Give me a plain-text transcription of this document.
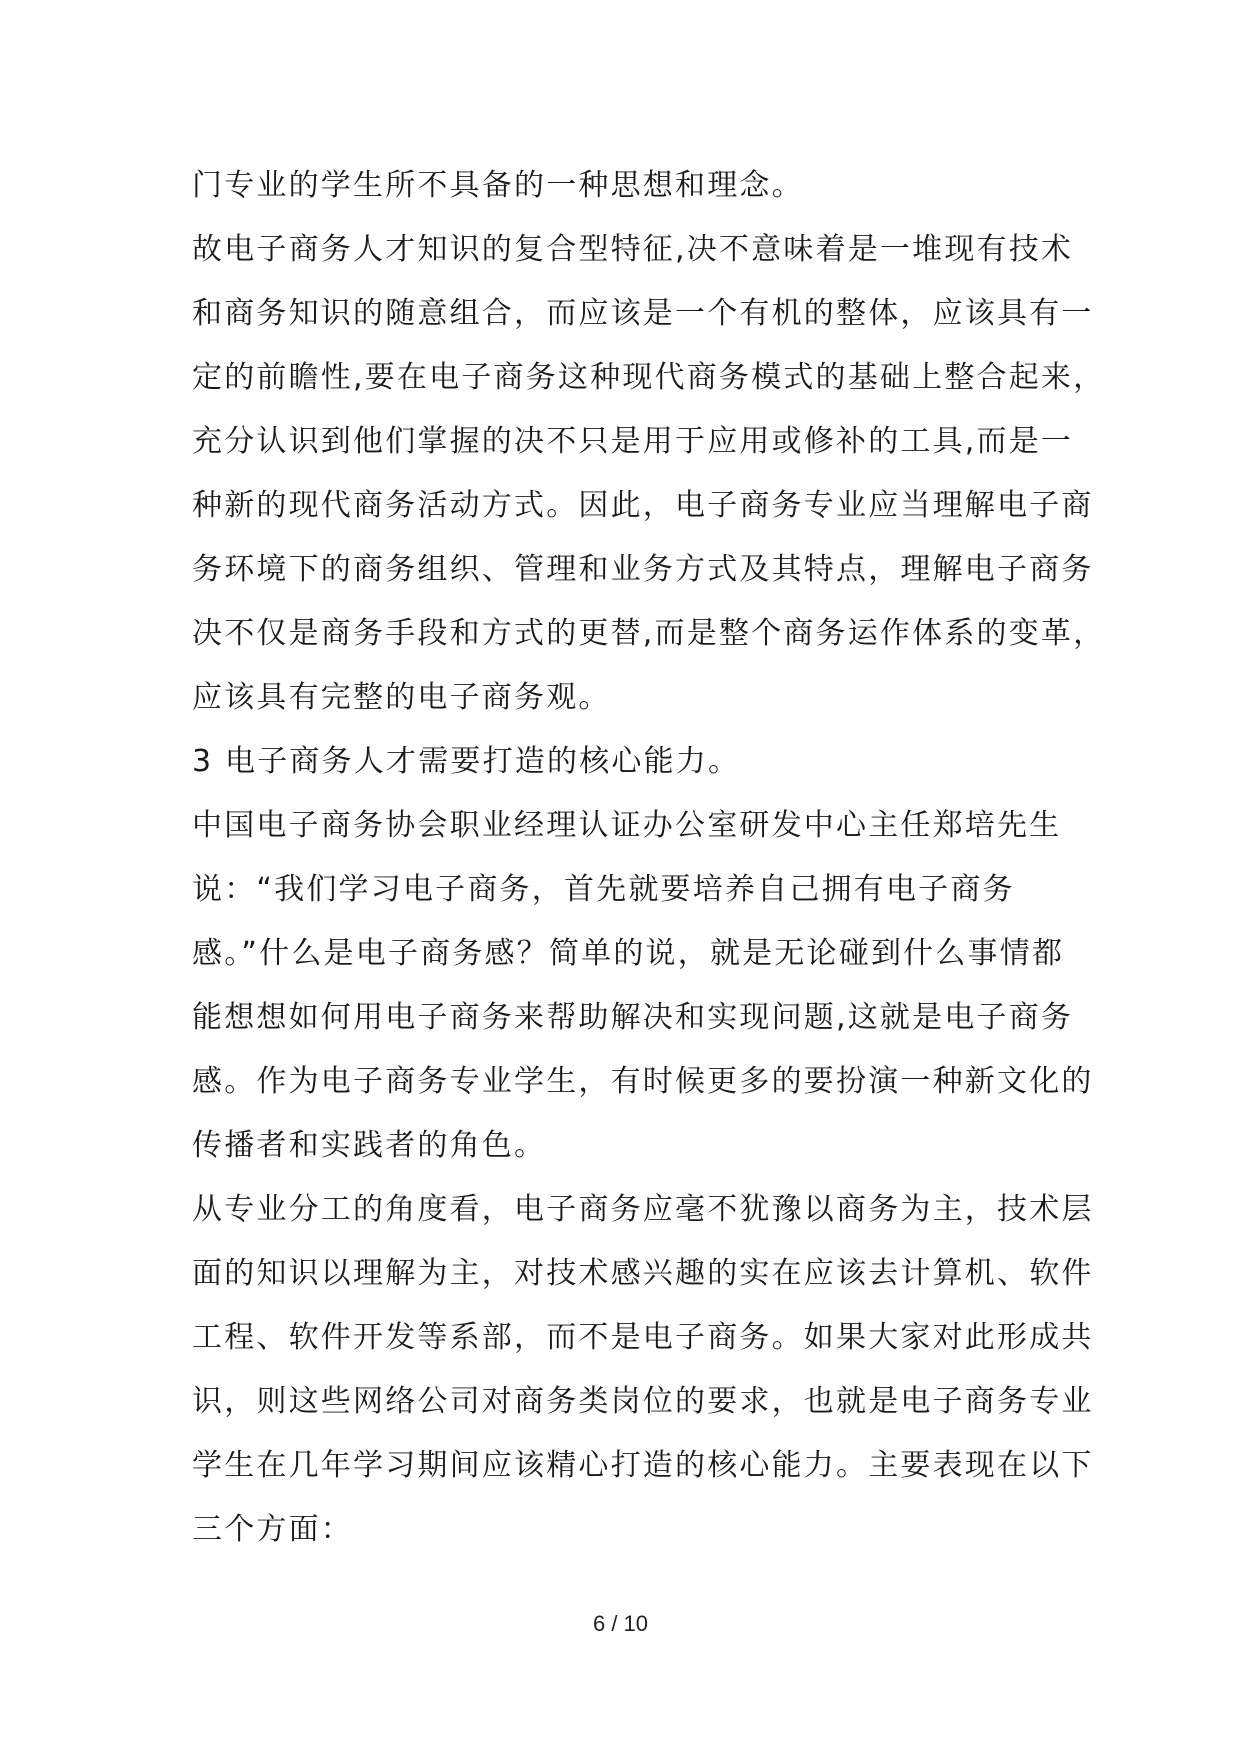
门专业的学生所不具备的一种思想和理念。
故电子商务人才知识的复合型特征,决不意味着是一堆现有技术
和商务知识的随意组合，而应该是一个有机的整体，应该具有一
定的前瞻性,要在电子商务这种现代商务模式的基础上整合起来，
充分认识到他们掌握的决不只是用于应用或修补的工具,而是一
种新的现代商务活动方式。因此，电子商务专业应当理解电子商
务环境下的商务组织、管理和业务方式及其特点，理解电子商务
决不仅是商务手段和方式的更替,而是整个商务运作体系的变革，
应该具有完整的电子商务观。
3 电子商务人才需要打造的核心能力。
中国电子商务协会职业经理认证办公室研发中心主任郑培先生
说：“我们学习电子商务，首先就要培养自己拥有电子商务
感。”什么是电子商务感？简单的说，就是无论碰到什么事情都
能想想如何用电子商务来帮助解决和实现问题,这就是电子商务
感。作为电子商务专业学生，有时候更多的要扮演一种新文化的
传播者和实践者的角色。
从专业分工的角度看，电子商务应毫不犹豫以商务为主，技术层
面的知识以理解为主，对技术感兴趣的实在应该去计算机、软件
工程、软件开发等系部，而不是电子商务。如果大家对此形成共
识，则这些网络公司对商务类岗位的要求，也就是电子商务专业
学生在几年学习期间应该精心打造的核心能力。主要表现在以下
三个方面：
6 / 10
